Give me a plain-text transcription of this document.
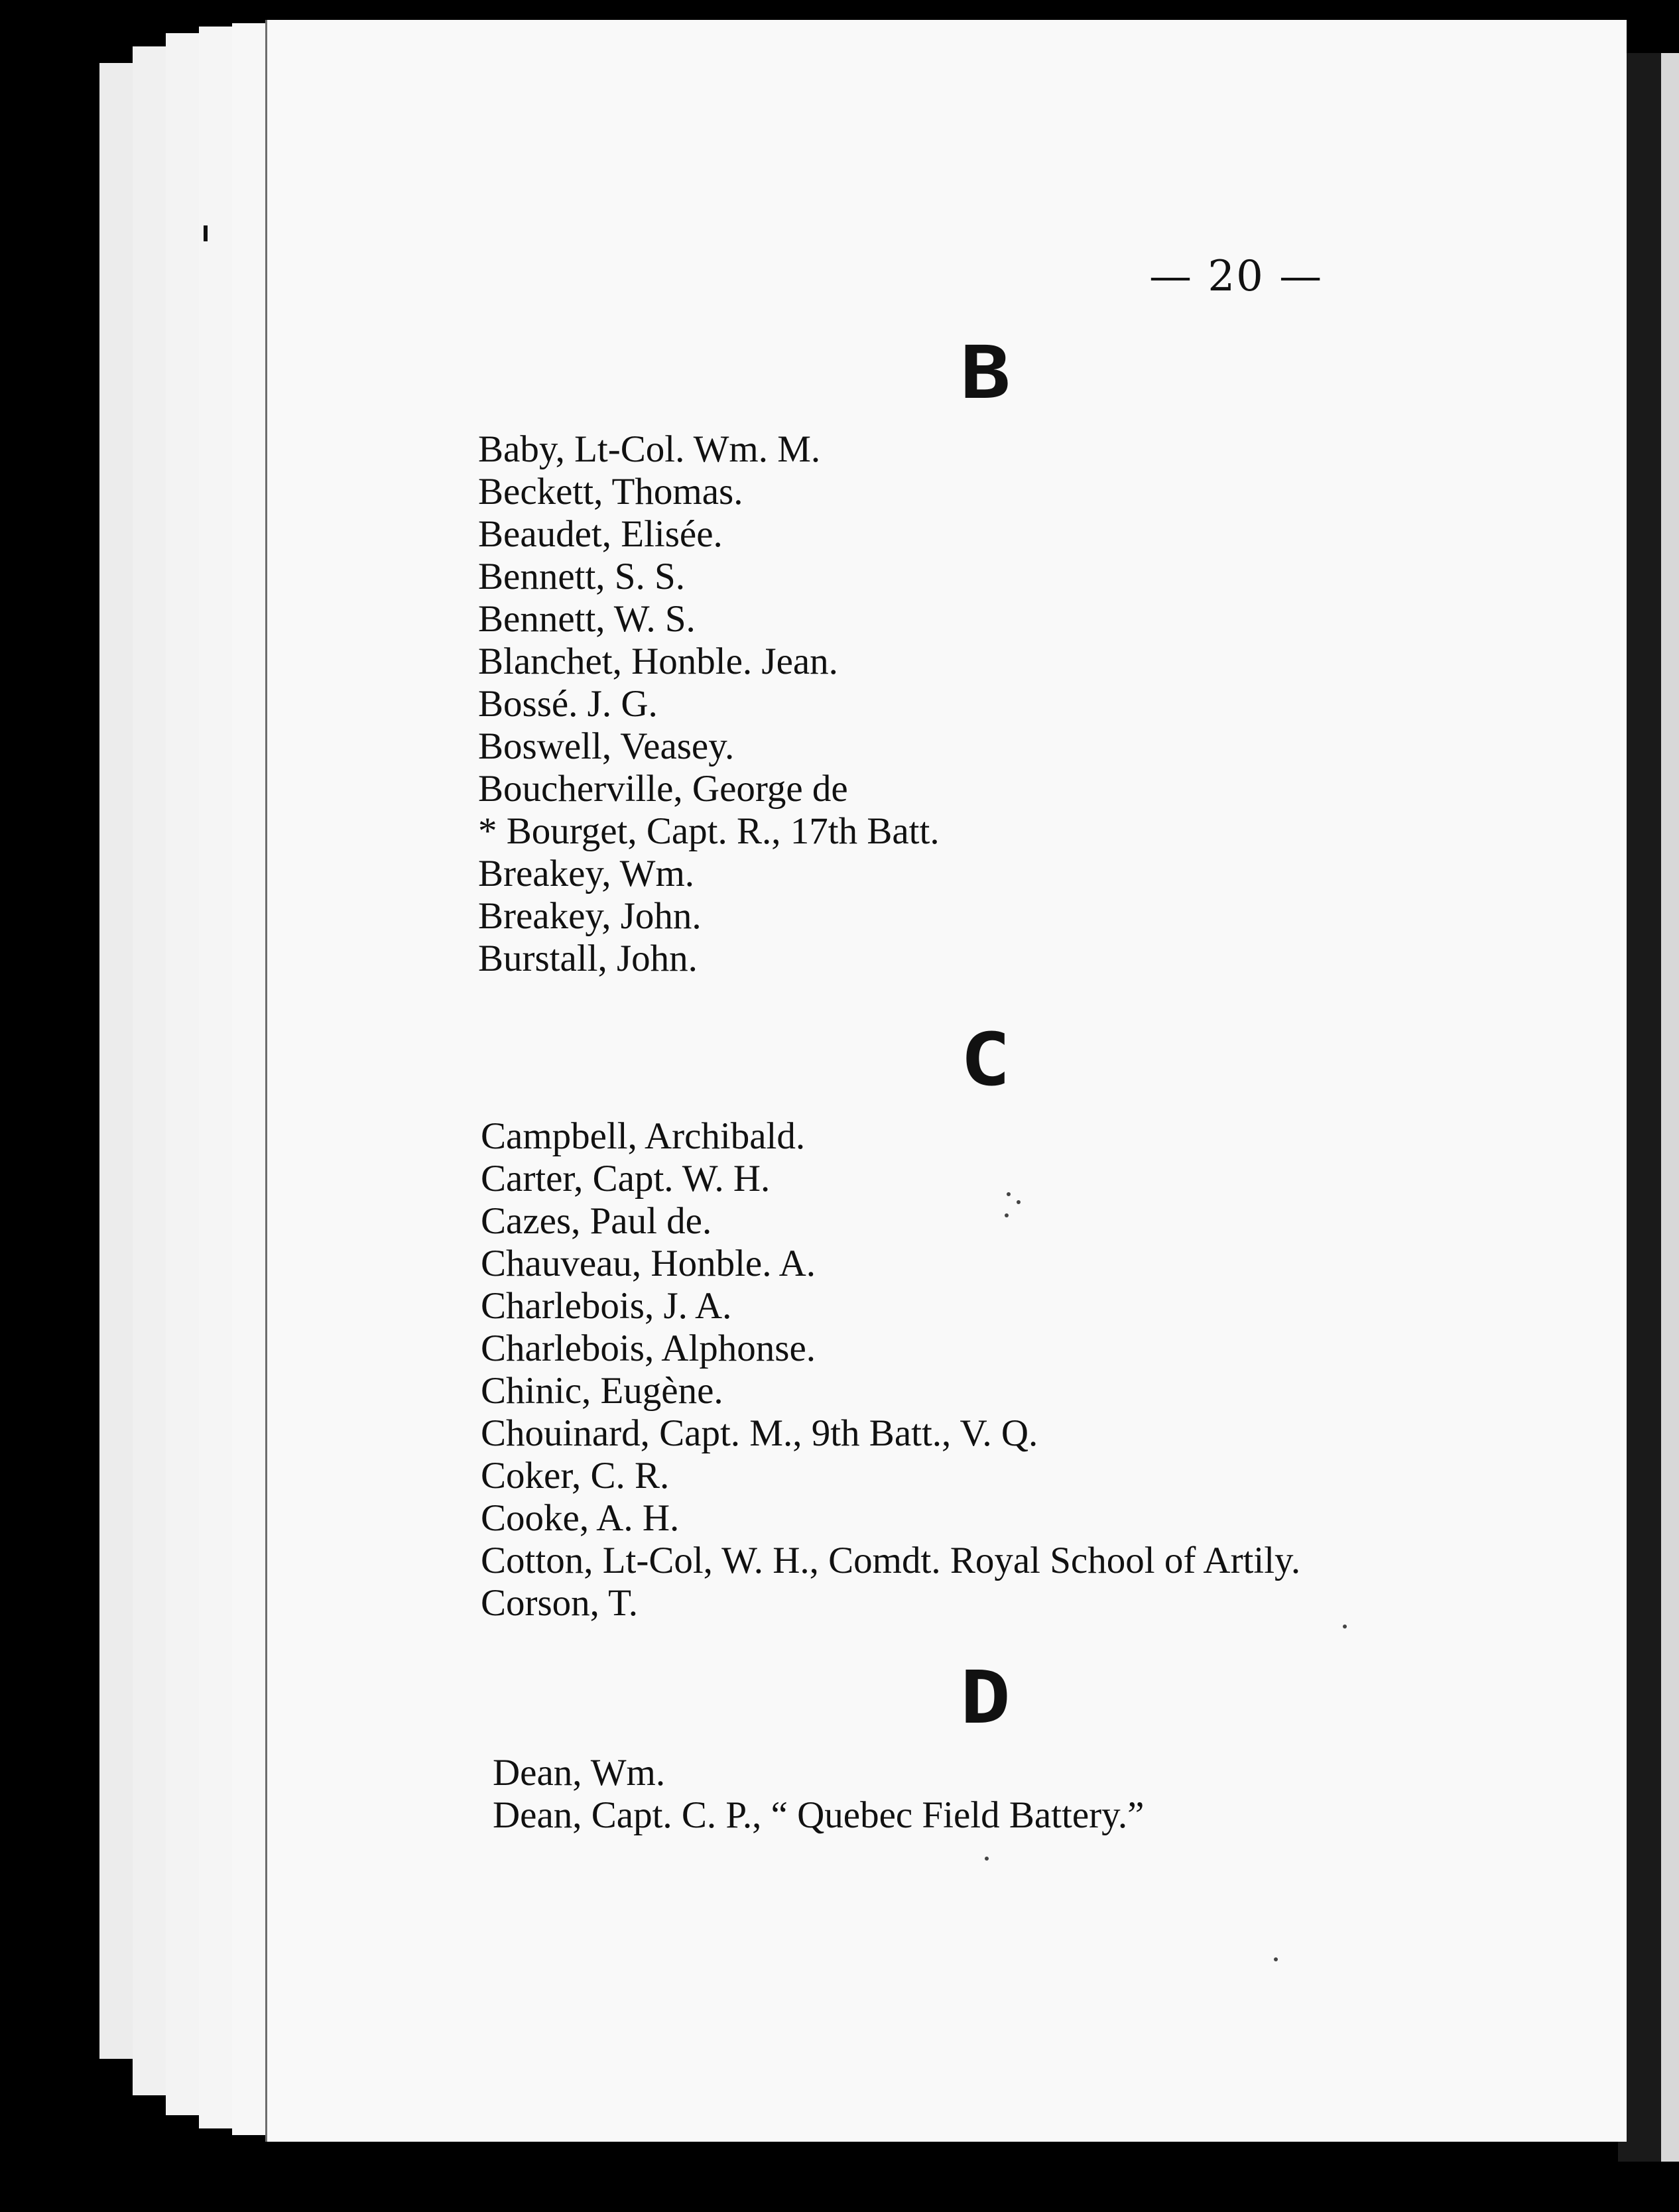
— 20 —
B
Baby, Lt-Col. Wm. M.
Beckett, Thomas.
Beaudet, Elisée.
Bennett, S. S.
Bennett, W. S.
Blanchet, Honble. Jean.
Bossé. J. G.
Boswell, Veasey.
Boucherville, George de
* Bourget, Capt. R., 17th Batt.
Breakey, Wm.
Breakey, John.
Burstall, John.
C
Campbell, Archibald.
Carter, Capt. W. H.
Cazes, Paul de.
Chauveau, Honble. A.
Charlebois, J. A.
Charlebois, Alphonse.
Chinic, Eugène.
Chouinard, Capt. M., 9th Batt., V. Q.
Coker, C. R.
Cooke, A. H.
Cotton, Lt-Col, W. H., Comdt. Royal School of Artily.
Corson, T.
D
Dean, Wm.
Dean, Capt. C. P., “ Quebec Field Battery.”
